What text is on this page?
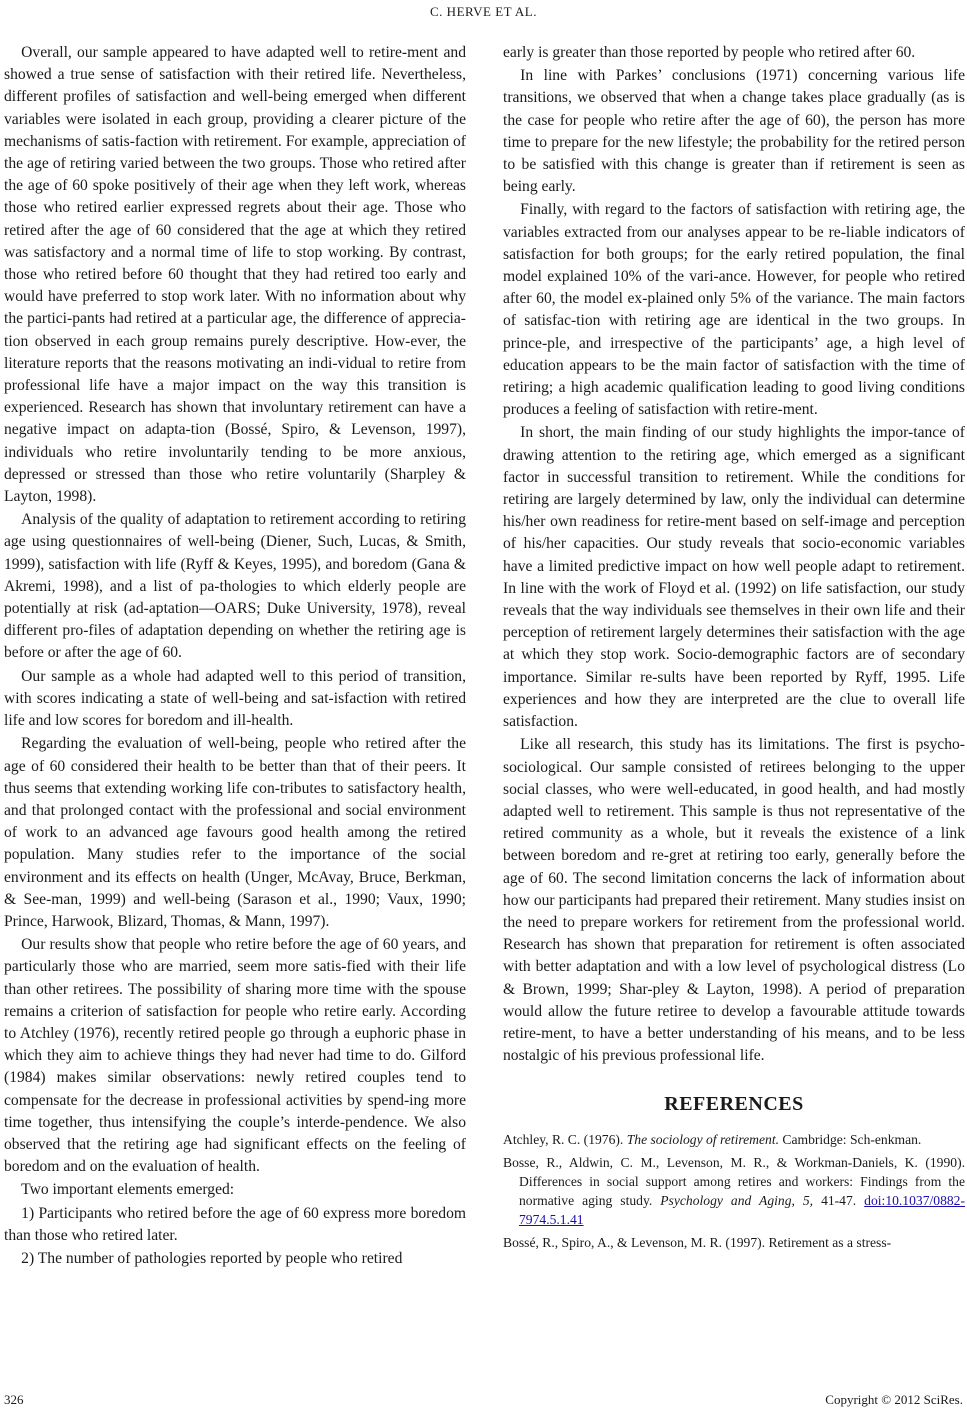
C. HERVE ET AL.

Overall, our sample appeared to have adapted well to retire-ment and showed a true sense of satisfaction with their retired life. Nevertheless, different profiles of satisfaction and well-being emerged when different variables were isolated in each group, providing a clearer picture of the mechanisms of satis-faction with retirement. For example, appreciation of the age of retiring varied between the two groups. Those who retired after the age of 60 spoke positively of their age when they left work, whereas those who retired earlier expressed regrets about their age. Those who retired after the age of 60 considered that the age at which they retired was satisfactory and a normal time of life to stop working. By contrast, those who retired before 60 thought that they had retired too early and would have preferred to stop work later. With no information about why the partici-pants had retired at a particular age, the difference of apprecia-tion observed in each group remains purely descriptive. How-ever, the literature reports that the reasons motivating an indi-vidual to retire from professional life have a major impact on the way this transition is experienced. Research has shown that involuntary retirement can have a negative impact on adapta-tion (Bossé, Spiro, & Levenson, 1997), individuals who retire involuntarily tending to be more anxious, depressed or stressed than those who retire voluntarily (Sharpley & Layton, 1998).

Analysis of the quality of adaptation to retirement according to retiring age using questionnaires of well-being (Diener, Such, Lucas, & Smith, 1999), satisfaction with life (Ryff & Keyes, 1995), and boredom (Gana & Akremi, 1998), and a list of pa-thologies to which elderly people are potentially at risk (ad-aptation—OARS; Duke University, 1978), reveal different pro-files of adaptation depending on whether the retiring age is before or after the age of 60.

Our sample as a whole had adapted well to this period of transition, with scores indicating a state of well-being and sat-isfaction with retired life and low scores for boredom and ill-health.

Regarding the evaluation of well-being, people who retired after the age of 60 considered their health to be better than that of their peers. It thus seems that extending working life con-tributes to satisfactory health, and that prolonged contact with the professional and social environment of work to an advanced age favours good health among the retired population. Many studies refer to the importance of the social environment and its effects on health (Unger, McAvay, Bruce, Berkman, & See-man, 1999) and well-being (Sarason et al., 1990; Vaux, 1990; Prince, Harwook, Blizard, Thomas, & Mann, 1997).

Our results show that people who retire before the age of 60 years, and particularly those who are married, seem more satis-fied with their life than other retirees. The possibility of sharing more time with the spouse remains a criterion of satisfaction for people who retire early. According to Atchley (1976), recently retired people go through a euphoric phase in which they aim to achieve things they had never had time to do. Gilford (1984) makes similar observations: newly retired couples tend to compensate for the decrease in professional activities by spend-ing more time together, thus intensifying the couple’s interde-pendence. We also observed that the retiring age had significant effects on the feeling of boredom and on the evaluation of health.

Two important elements emerged:

1) Participants who retired before the age of 60 express more boredom than those who retired later.

2) The number of pathologies reported by people who retired

early is greater than those reported by people who retired after 60.

In line with Parkes’ conclusions (1971) concerning various life transitions, we observed that when a change takes place gradually (as is the case for people who retire after the age of 60), the person has more time to prepare for the new lifestyle; the probability for the retired person to be satisfied with this change is greater than if retirement is seen as being early.

Finally, with regard to the factors of satisfaction with retiring age, the variables extracted from our analyses appear to be re-liable indicators of satisfaction for both groups; for the early retired population, the final model explained 10% of the vari-ance. However, for people who retired after 60, the model ex-plained only 5% of the variance. The main factors of satisfac-tion with retiring age are identical in the two groups. In prince-ple, and irrespective of the participants’ age, a high level of education appears to be the main factor of satisfaction with the time of retiring; a high academic qualification leading to good living conditions produces a feeling of satisfaction with retire-ment.

In short, the main finding of our study highlights the impor-tance of drawing attention to the retiring age, which emerged as a significant factor in successful transition to retirement. While the conditions for retiring are largely determined by law, only the individual can determine his/her own readiness for retire-ment based on self-image and perception of his/her capacities. Our study reveals that socio-economic variables have a limited predictive impact on how well people adapt to retirement. In line with the work of Floyd et al. (1992) on life satisfaction, our study reveals that the way individuals see themselves in their own life and their perception of retirement largely determines their satisfaction with the age at which they stop work. Socio-demographic factors are of secondary importance. Similar re-sults have been reported by Ryff, 1995. Life experiences and how they are interpreted are the clue to overall life satisfaction.

Like all research, this study has its limitations. The first is psycho-sociological. Our sample consisted of retirees belonging to the upper social classes, who were well-educated, in good health, and had mostly adapted well to retirement. This sample is thus not representative of the retired community as a whole, but it reveals the existence of a link between boredom and re-gret at retiring too early, generally before the age of 60. The second limitation concerns the lack of information about how our participants had prepared their retirement. Many studies insist on the need to prepare workers for retirement from the professional world. Research has shown that preparation for retirement is often associated with better adaptation and with a low level of psychological distress (Lo & Brown, 1999; Shar-pley & Layton, 1998). A period of preparation would allow the future retiree to develop a favourable attitude towards retire-ment, to have a better understanding of his means, and to be less nostalgic of his previous professional life.

REFERENCES
Atchley, R. C. (1976). The sociology of retirement. Cambridge: Sch-enkman.
Bosse, R., Aldwin, C. M., Levenson, M. R., & Workman-Daniels, K. (1990). Differences in social support among retires and workers: Findings from the normative aging study. Psychology and Aging, 5, 41-47. doi:10.1037/0882-7974.5.1.41
Bossé, R., Spiro, A., & Levenson, M. R. (1997). Retirement as a stress-
326	Copyright © 2012 SciRes.
